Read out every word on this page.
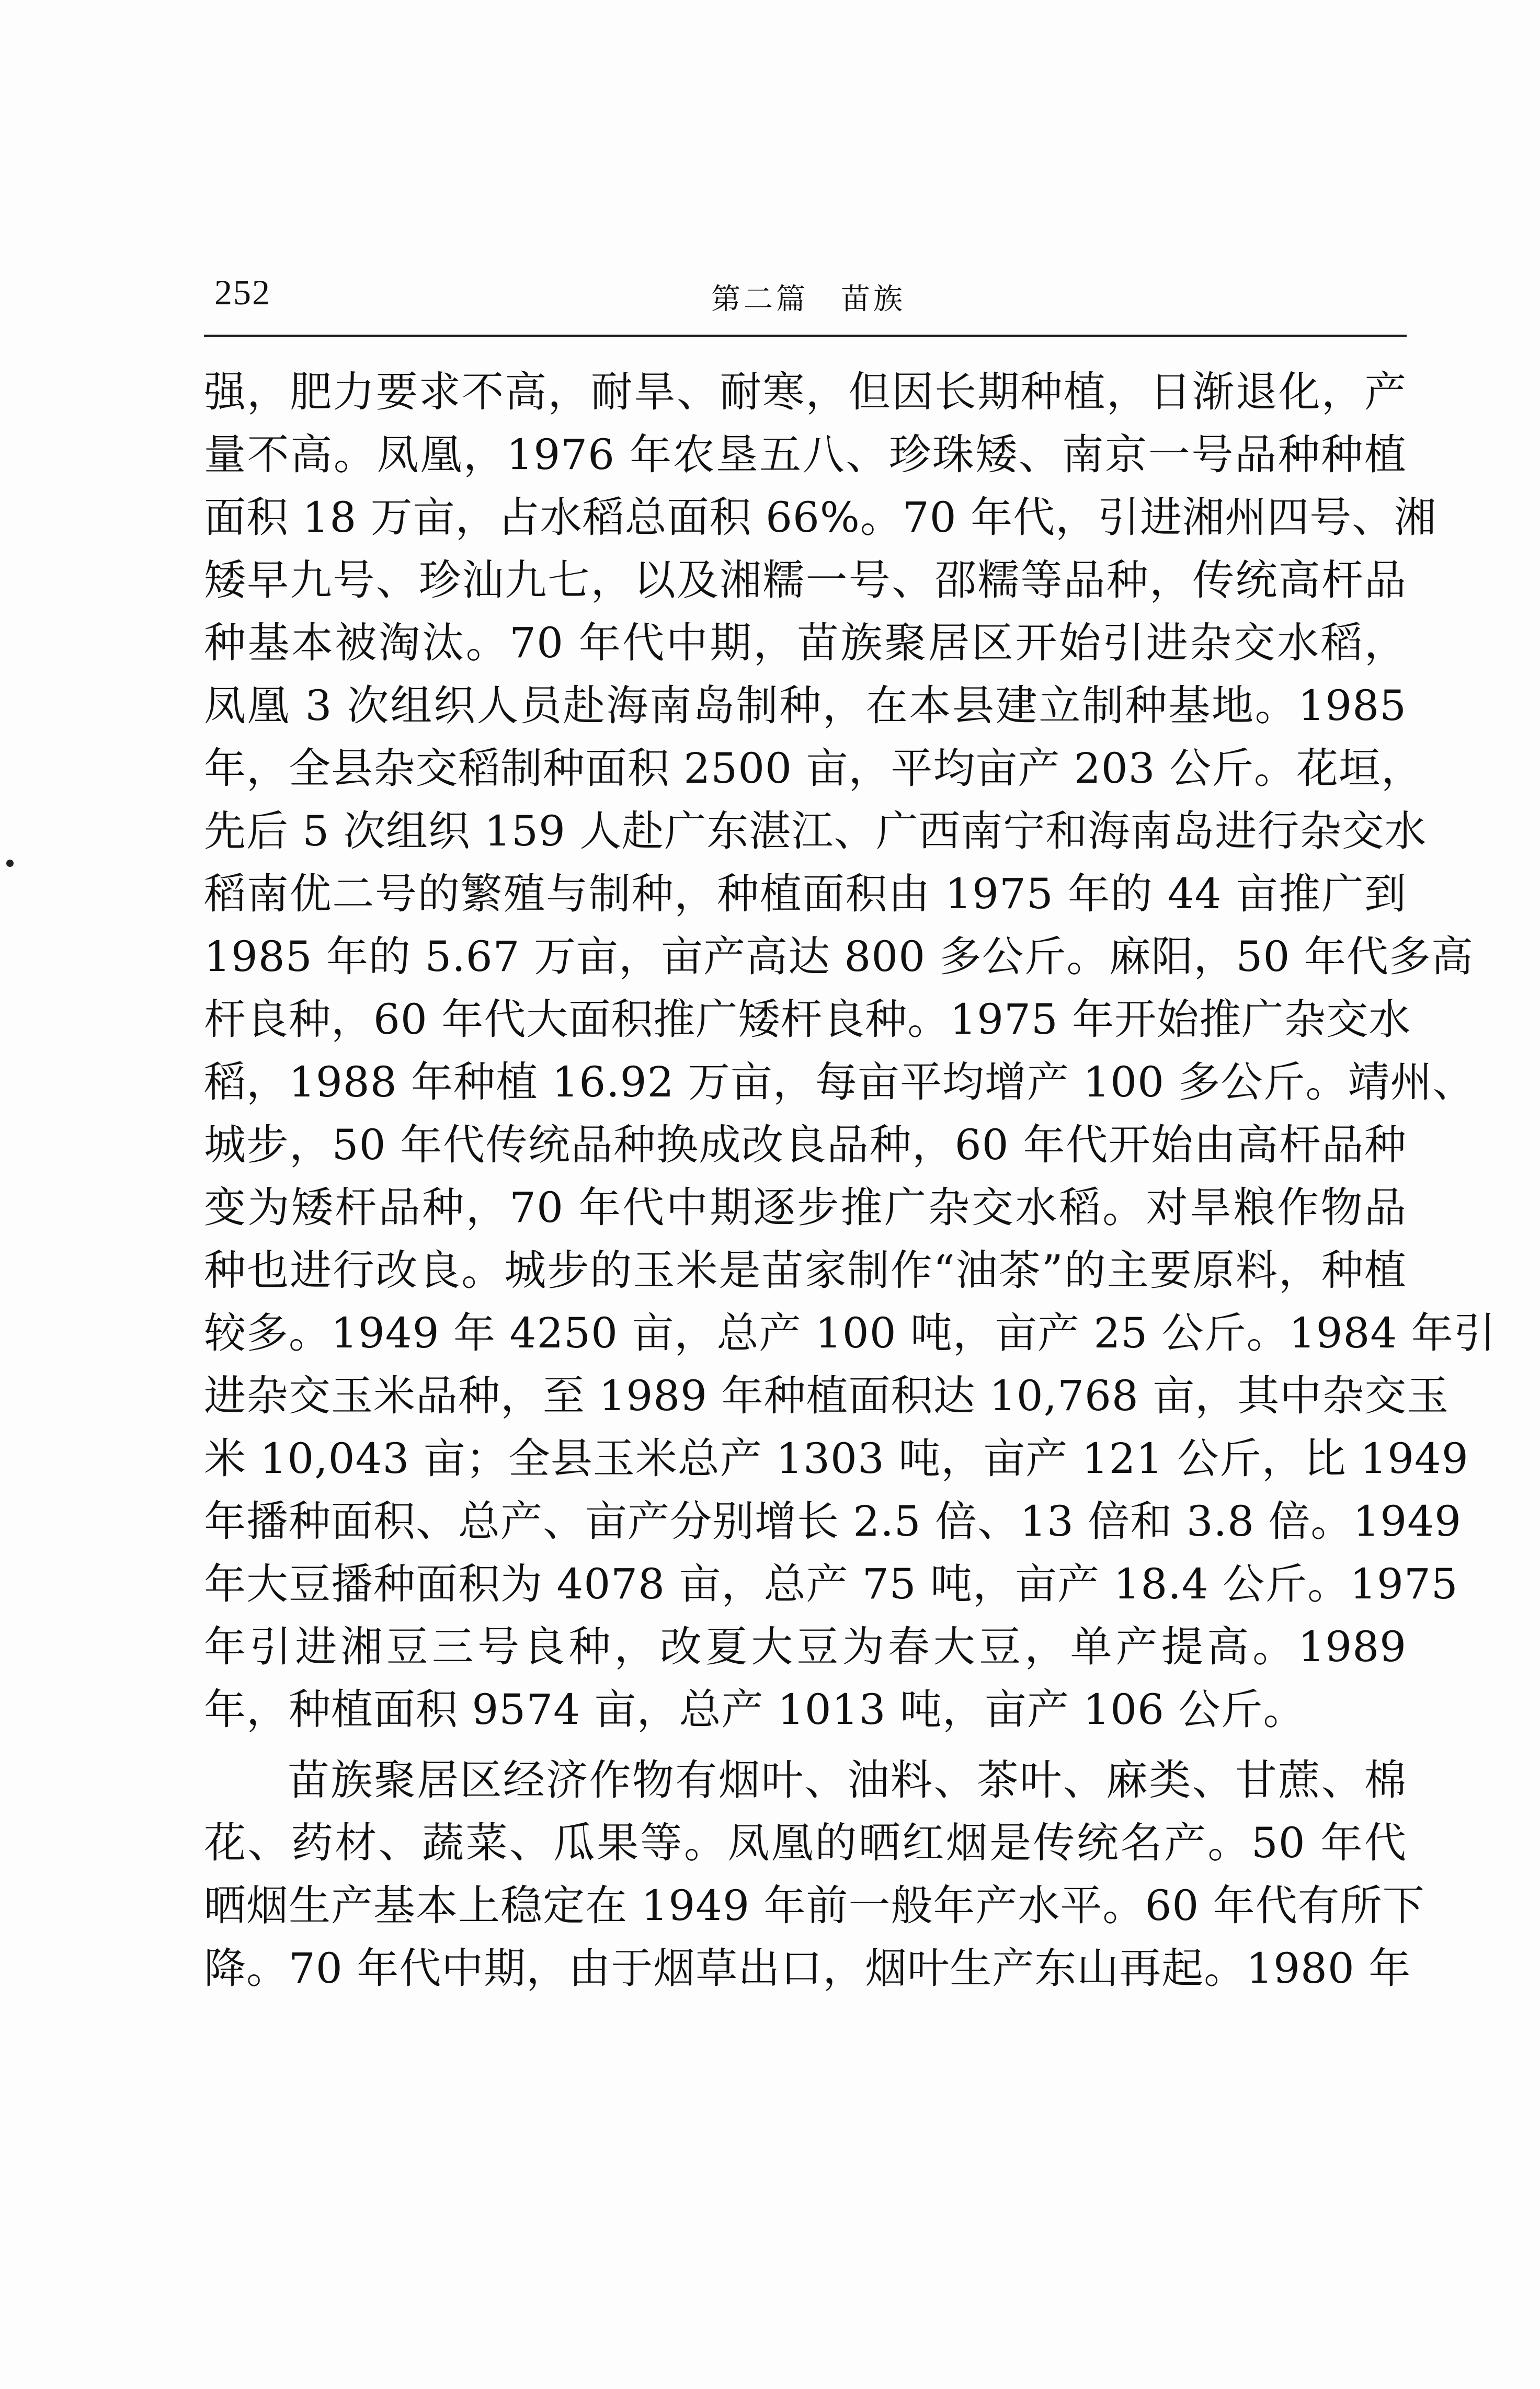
252	第二篇　苗族
强，肥力要求不高，耐旱、耐寒，但因长期种植，日渐退化，产
量不高。凤凰，1976 年农垦五八、珍珠矮、南京一号品种种植
面积 18 万亩，占水稻总面积 66%。70 年代，引进湘州四号、湘
矮早九号、珍汕九七，以及湘糯一号、邵糯等品种，传统高杆品
种基本被淘汰。70 年代中期，苗族聚居区开始引进杂交水稻，
凤凰 3 次组织人员赴海南岛制种，在本县建立制种基地。1985
年，全县杂交稻制种面积 2500 亩，平均亩产 203 公斤。花垣，
先后 5 次组织 159 人赴广东湛江、广西南宁和海南岛进行杂交水
稻南优二号的繁殖与制种，种植面积由 1975 年的 44 亩推广到
1985 年的 5.67 万亩，亩产高达 800 多公斤。麻阳，50 年代多高
杆良种，60 年代大面积推广矮杆良种。1975 年开始推广杂交水
稻，1988 年种植 16.92 万亩，每亩平均增产 100 多公斤。靖州、
城步，50 年代传统品种换成改良品种，60 年代开始由高杆品种
变为矮杆品种，70 年代中期逐步推广杂交水稻。对旱粮作物品
种也进行改良。城步的玉米是苗家制作“油茶”的主要原料，种植
较多。1949 年 4250 亩，总产 100 吨，亩产 25 公斤。1984 年引
进杂交玉米品种，至 1989 年种植面积达 10,768 亩，其中杂交玉
米 10,043 亩；全县玉米总产 1303 吨，亩产 121 公斤，比 1949
年播种面积、总产、亩产分别增长 2.5 倍、13 倍和 3.8 倍。1949
年大豆播种面积为 4078 亩，总产 75 吨，亩产 18.4 公斤。1975
年引进湘豆三号良种，改夏大豆为春大豆，单产提高。1989
年，种植面积 9574 亩，总产 1013 吨，亩产 106 公斤。
苗族聚居区经济作物有烟叶、油料、茶叶、麻类、甘蔗、棉
花、药材、蔬菜、瓜果等。凤凰的晒红烟是传统名产。50 年代
晒烟生产基本上稳定在 1949 年前一般年产水平。60 年代有所下
降。70 年代中期，由于烟草出口，烟叶生产东山再起。1980 年
